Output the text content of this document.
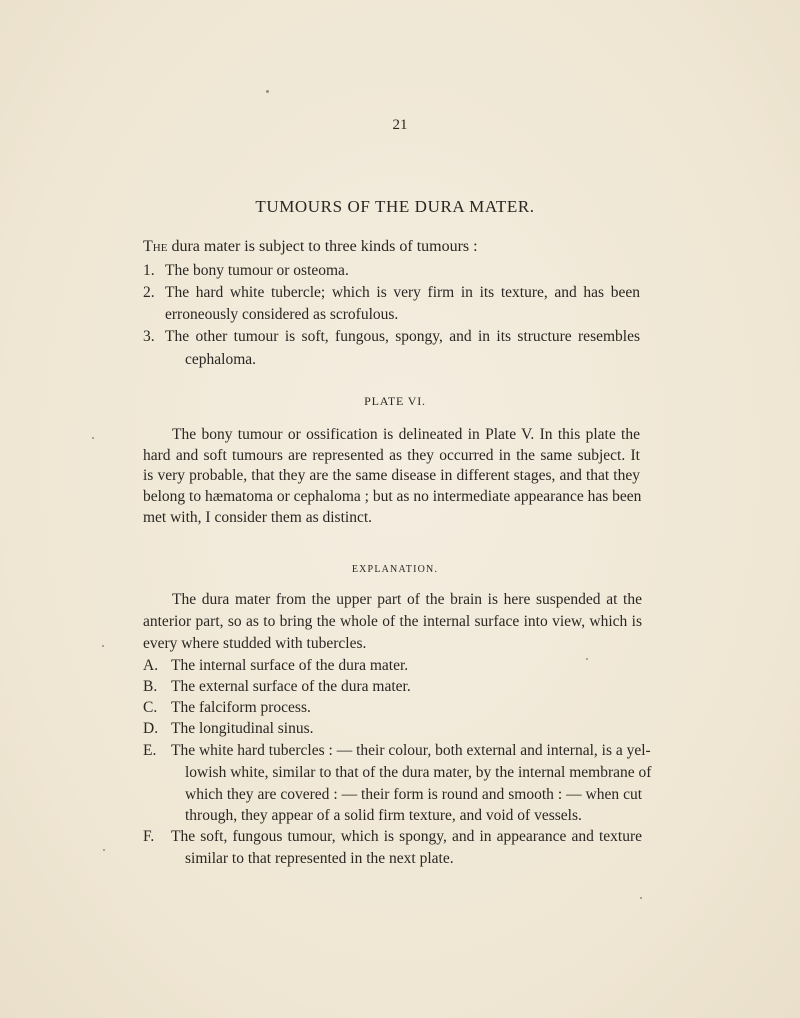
21
TUMOURS OF THE DURA MATER.
The dura mater is subject to three kinds of tumours :
1. The bony tumour or osteoma.
2. The hard white tubercle; which is very firm in its texture, and has been
erroneously considered as scrofulous.
3. The other tumour is soft, fungous, spongy, and in its structure resembles
cephaloma.
PLATE VI.
The bony tumour or ossification is delineated in Plate V. In this plate the
hard and soft tumours are represented as they occurred in the same subject. It
is very probable, that they are the same disease in different stages, and that they
belong to hæmatoma or cephaloma ; but as no intermediate appearance has been
met with, I consider them as distinct.
EXPLANATION.
The dura mater from the upper part of the brain is here suspended at the
anterior part, so as to bring the whole of the internal surface into view, which is
every where studded with tubercles.
A. The internal surface of the dura mater.
B. The external surface of the dura mater.
C. The falciform process.
D. The longitudinal sinus.
E. The white hard tubercles : — their colour, both external and internal, is a yel-
lowish white, similar to that of the dura mater, by the internal membrane of
which they are covered : — their form is round and smooth : — when cut
through, they appear of a solid firm texture, and void of vessels.
F. The soft, fungous tumour, which is spongy, and in appearance and texture
similar to that represented in the next plate.
